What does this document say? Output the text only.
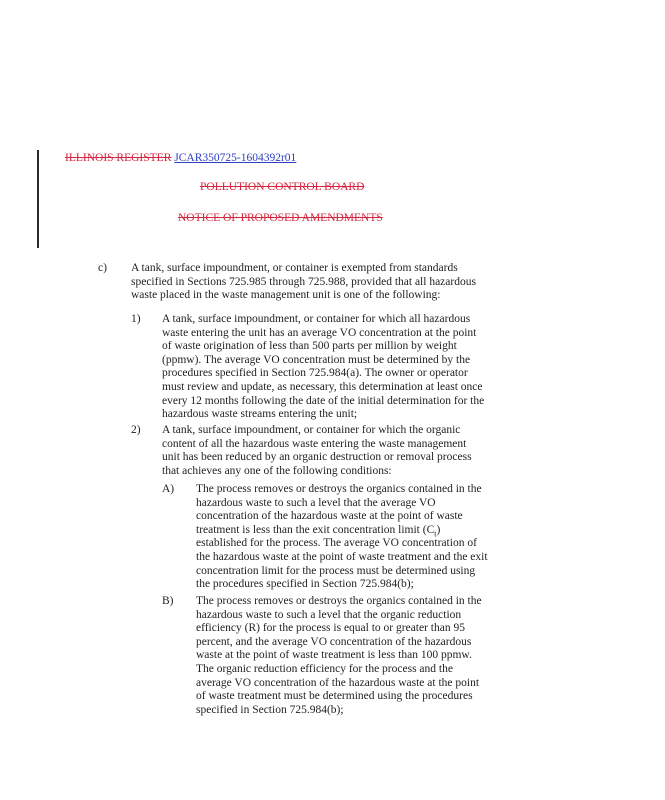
ILLINOIS REGISTER JCAR350725-1604392r01
POLLUTION CONTROL BOARD
NOTICE OF PROPOSED AMENDMENTS
c) A tank, surface impoundment, or container is exempted from standards specified in Sections 725.985 through 725.988, provided that all hazardous waste placed in the waste management unit is one of the following:
1) A tank, surface impoundment, or container for which all hazardous waste entering the unit has an average VO concentration at the point of waste origination of less than 500 parts per million by weight (ppmw). The average VO concentration must be determined by the procedures specified in Section 725.984(a). The owner or operator must review and update, as necessary, this determination at least once every 12 months following the date of the initial determination for the hazardous waste streams entering the unit;
2) A tank, surface impoundment, or container for which the organic content of all the hazardous waste entering the waste management unit has been reduced by an organic destruction or removal process that achieves any one of the following conditions:
A) The process removes or destroys the organics contained in the hazardous waste to such a level that the average VO concentration of the hazardous waste at the point of waste treatment is less than the exit concentration limit $(C_t)$ established for the process. The average VO concentration of the hazardous waste at the point of waste treatment and the exit concentration limit for the process must be determined using the procedures specified in Section 725.984(b);
B) The process removes or destroys the organics contained in the hazardous waste to such a level that the organic reduction efficiency (R) for the process is equal to or greater than 95 percent, and the average VO concentration of the hazardous waste at the point of waste treatment is less than 100 ppmw. The organic reduction efficiency for the process and the average VO concentration of the hazardous waste at the point of waste treatment must be determined using the procedures specified in Section 725.984(b);
